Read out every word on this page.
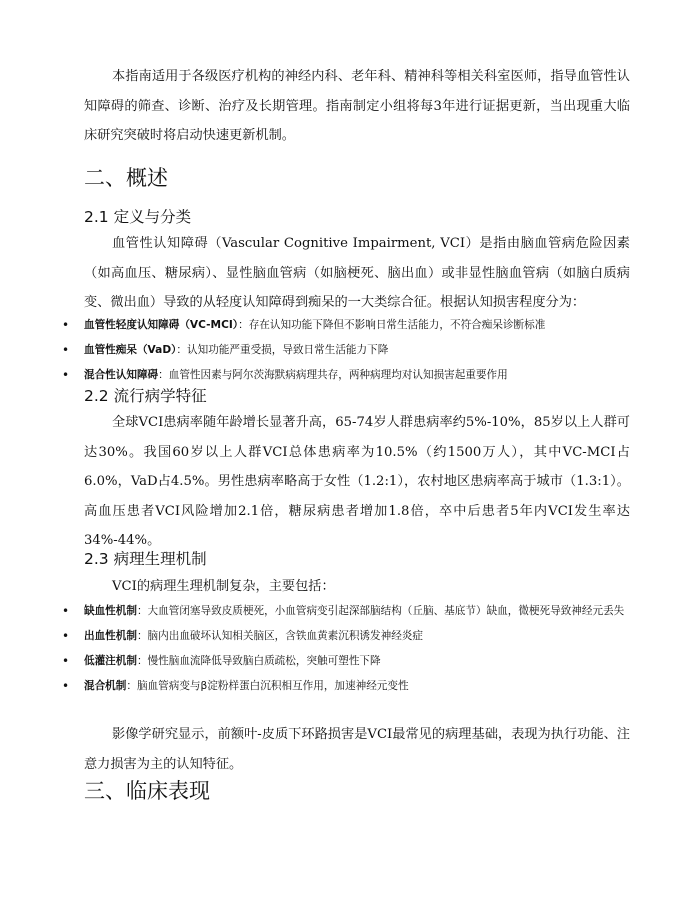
本指南适用于各级医疗机构的神经内科、老年科、精神科等相关科室医师，指导血管性认知障碍的筛查、诊断、治疗及长期管理。指南制定小组将每3年进行证据更新，当出现重大临床研究突破时将启动快速更新机制。

二、概述
2.1 定义与分类

血管性认知障碍（Vascular Cognitive Impairment, VCI）是指由脑血管病危险因素（如高血压、糖尿病）、显性脑血管病（如脑梗死、脑出血）或非显性脑血管病（如脑白质病变、微出血）导致的从轻度认知障碍到痴呆的一大类综合征。根据认知损害程度分为：

• 血管性轻度认知障碍（VC-MCI）：存在认知功能下降但不影响日常生活能力，不符合痴呆诊断标准
• 血管性痴呆（VaD）：认知功能严重受损，导致日常生活能力下降
• 混合性认知障碍：血管性因素与阿尔茨海默病病理共存，两种病理均对认知损害起重要作用
2.2 流行病学特征

全球VCI患病率随年龄增长显著升高，65-74岁人群患病率约5%-10%，85岁以上人群可达30%。我国60岁以上人群VCI总体患病率为10.5%（约1500万人），其中VC-MCI占6.0%，VaD占4.5%。男性患病率略高于女性（1.2:1），农村地区患病率高于城市（1.3:1）。高血压患者VCI风险增加2.1倍，糖尿病患者增加1.8倍，卒中后患者5年内VCI发生率达34%-44%。

2.3 病理生理机制

VCI的病理生理机制复杂，主要包括：

• 缺血性机制：大血管闭塞导致皮质梗死，小血管病变引起深部脑结构（丘脑、基底节）缺血，微梗死导致神经元丢失
• 出血性机制：脑内出血破坏认知相关脑区，含铁血黄素沉积诱发神经炎症
• 低灌注机制：慢性脑血流降低导致脑白质疏松，突触可塑性下降
• 混合机制：脑血管病变与β淀粉样蛋白沉积相互作用，加速神经元变性

影像学研究显示，前额叶-皮质下环路损害是VCI最常见的病理基础，表现为执行功能、注意力损害为主的认知特征。

三、临床表现
